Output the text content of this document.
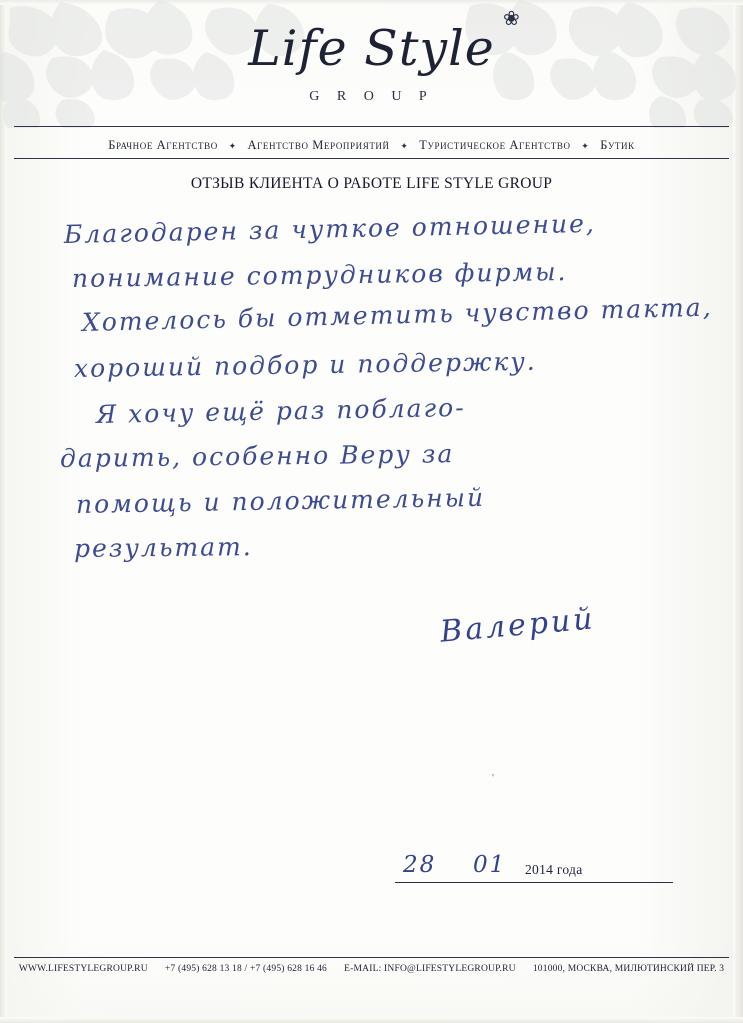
Life Style
❀
G R O U P
Брачное Агентство ✦ Агентство Мероприятий ✦ Туристическое Агентство ✦ Бутик
ОТЗЫВ КЛИЕНТА О РАБОТЕ LIFE STYLE GROUP
Благодарен за чуткое отношение,
понимание сотрудников фирмы.
Хотелось бы отметить чувство такта,
хороший подбор и поддержку.
Я хочу ещё раз поблаго-
дарить, особенно Веру за
помощь и положительный
результат.
Валерий
'
28 01 2014 года
WWW.LIFESTYLEGROUP.RU +7 (495) 628 13 18 / +7 (495) 628 16 46 E-MAIL: INFO@LIFESTYLEGROUP.RU 101000, МОСКВА, МИЛЮТИНСКИЙ ПЕР. 3
